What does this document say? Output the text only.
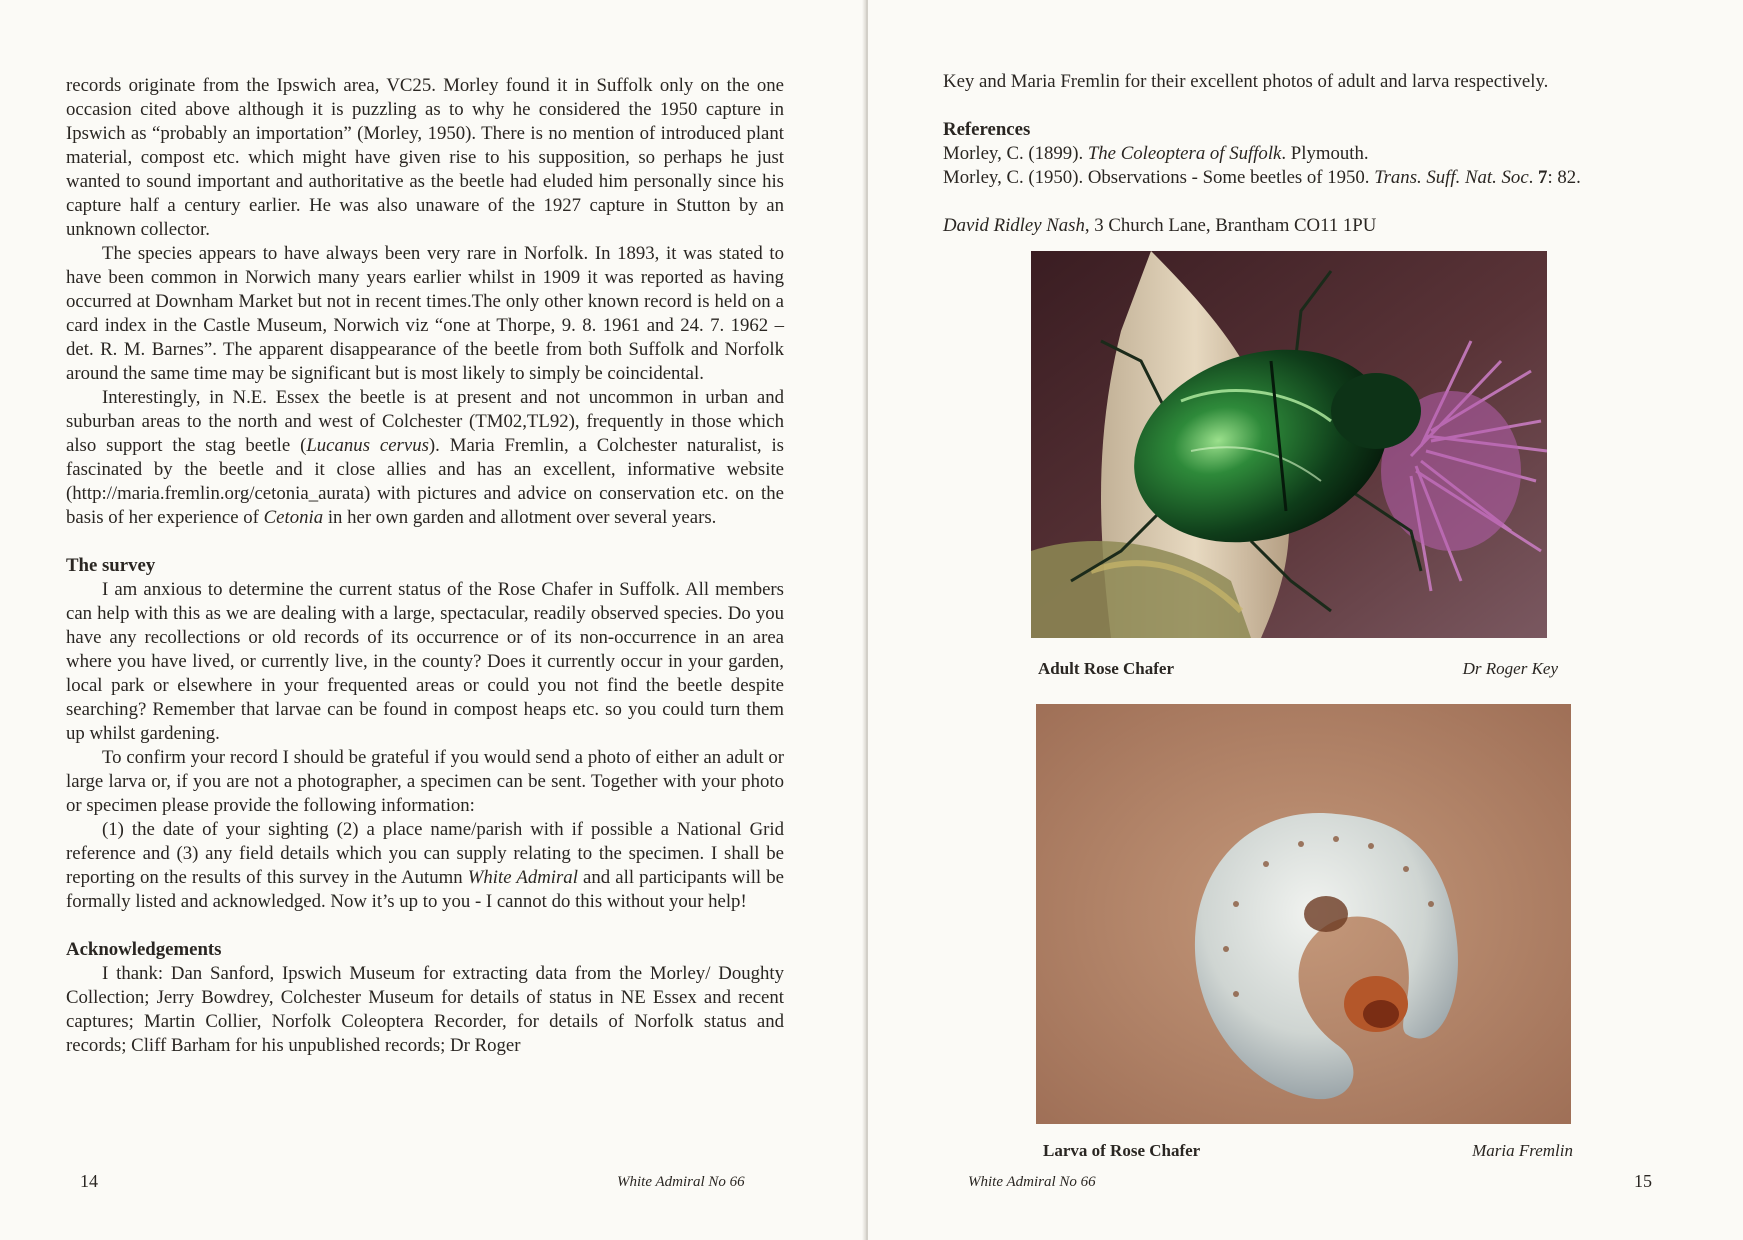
records originate from the Ipswich area, VC25. Morley found it in Suffolk only on the one occasion cited above although it is puzzling as to why he considered the 1950 capture in Ipswich as “probably an importation” (Morley, 1950). There is no mention of introduced plant material, compost etc. which might have given rise to his supposition, so perhaps he just wanted to sound important and authoritative as the beetle had eluded him personally since his capture half a century earlier. He was also unaware of the 1927 capture in Stutton by an unknown collector.

The species appears to have always been very rare in Norfolk. In 1893, it was stated to have been common in Norwich many years earlier whilst in 1909 it was reported as having occurred at Downham Market but not in recent times.The only other known record is held on a card index in the Castle Museum, Norwich viz “one at Thorpe, 9. 8. 1961 and 24. 7. 1962 – det. R. M. Barnes”. The apparent disappearance of the beetle from both Suffolk and Norfolk around the same time may be significant but is most likely to simply be coincidental.

Interestingly, in N.E. Essex the beetle is at present and not uncommon in urban and suburban areas to the north and west of Colchester (TM02,TL92), frequently in those which also support the stag beetle (Lucanus cervus). Maria Fremlin, a Colchester naturalist, is fascinated by the beetle and it close allies and has an excellent, informative website (http://maria.fremlin.org/cetonia_aurata) with pictures and advice on conservation etc. on the basis of her experience of Cetonia in her own garden and allotment over several years.

The survey

I am anxious to determine the current status of the Rose Chafer in Suffolk. All members can help with this as we are dealing with a large, spectacular, readily observed species. Do you have any recollections or old records of its occurrence or of its non-occurrence in an area where you have lived, or currently live, in the county? Does it currently occur in your garden, local park or elsewhere in your frequented areas or could you not find the beetle despite searching? Remember that larvae can be found in compost heaps etc. so you could turn them up whilst gardening.

To confirm your record I should be grateful if you would send a photo of either an adult or large larva or, if you are not a photographer, a specimen can be sent. Together with your photo or specimen please provide the following information:

(1) the date of your sighting (2) a place name/parish with if possible a National Grid reference and (3) any field details which you can supply relating to the specimen. I shall be reporting on the results of this survey in the Autumn White Admiral and all participants will be formally listed and acknowledged. Now it’s up to you - I cannot do this without your help!

Acknowledgements

I thank: Dan Sanford, Ipswich Museum for extracting data from the Morley/ Doughty Collection; Jerry Bowdrey, Colchester Museum for details of status in NE Essex and recent captures; Martin Collier, Norfolk Coleoptera Recorder, for details of Norfolk status and records; Cliff Barham for his unpublished records; Dr Roger

14	White Admiral No 66

Key and Maria Fremlin for their excellent photos of adult and larva respectively.

References

Morley, C. (1899). The Coleoptera of Suffolk. Plymouth.

Morley, C. (1950). Observations - Some beetles of 1950. Trans. Suff. Nat. Soc. 7: 82.

David Ridley Nash, 3 Church Lane, Brantham CO11 1PU

Adult Rose Chafer	Dr Roger Key
Larva of Rose Chafer	Maria Fremlin
White Admiral No 66	15
